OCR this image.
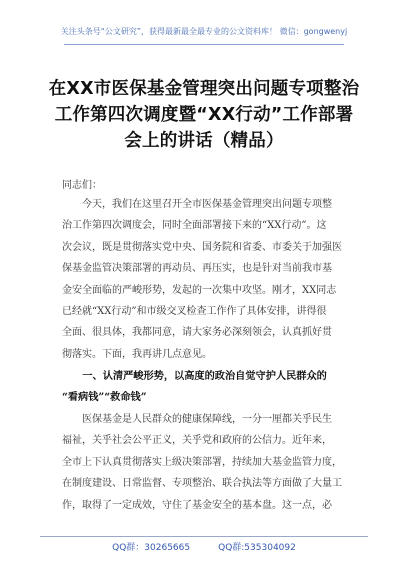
关注头条号“公文研究”，获得最新最全最专业的公文资料库！ 微信：gongwenyj
在XX市医保基金管理突出问题专项整治
工作第四次调度暨“XX行动”工作部署
会上的讲话（精品）
同志们：
　　今天，我们在这里召开全市医保基金管理突出问题专项整
治工作第四次调度会，同时全面部署接下来的“XX行动”。这
次会议，既是贯彻落实党中央、国务院和省委、市委关于加强医
保基金监管决策部署的再动员、再压实，也是针对当前我市基
金安全面临的严峻形势，发起的一次集中攻坚。刚才，XX同志
已经就“XX行动”和市级交叉检查工作作了具体安排，讲得很
全面、很具体，我都同意，请大家务必深刻领会，认真抓好贯
彻落实。下面，我再讲几点意见。
　　一、认清严峻形势，以高度的政治自觉守护人民群众的
“看病钱”“救命钱”
　　医保基金是人民群众的健康保障线，一分一厘都关乎民生
福祉，关乎社会公平正义，关乎党和政府的公信力。近年来，
全市上下认真贯彻落实上级决策部署，持续加大基金监管力度，
在制度建设、日常监督、专项整治、联合执法等方面做了大量工
作，取得了一定成效，守住了基金安全的基本盘。这一点，必
QQ群：30265665	QQ群:535304092
